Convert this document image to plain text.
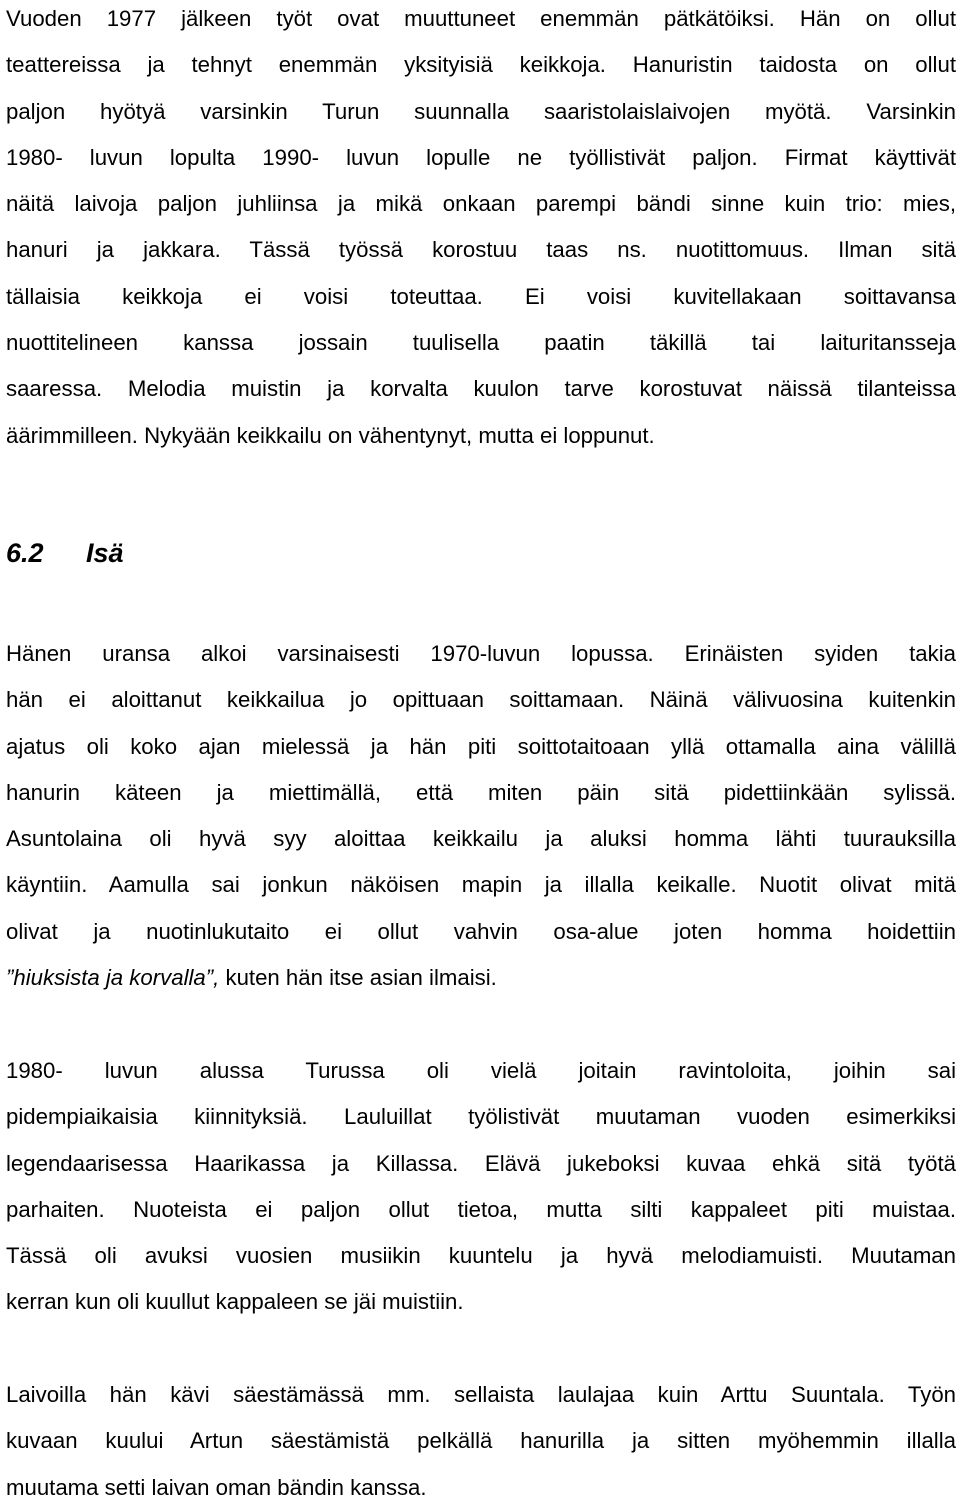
Vuoden 1977 jälkeen työt ovat muuttuneet enemmän pätkätöiksi. Hän on ollut
teattereissa ja tehnyt enemmän yksityisiä keikkoja. Hanuristin taidosta on ollut
paljon hyötyä varsinkin Turun suunnalla saaristolaislaivojen myötä. Varsinkin
1980- luvun lopulta 1990- luvun lopulle ne työllistivät paljon. Firmat käyttivät
näitä laivoja paljon juhliinsa ja mikä onkaan parempi bändi sinne kuin trio: mies,
hanuri ja jakkara. Tässä työssä korostuu taas ns. nuotittomuus. Ilman sitä
tällaisia keikkoja ei voisi toteuttaa. Ei voisi kuvitellakaan soittavansa
nuottitelineen kanssa jossain tuulisella paatin täkillä tai laituritansseja
saaressa. Melodia muistin ja korvalta kuulon tarve korostuvat näissä tilanteissa
äärimmilleen. Nykyään keikkailu on vähentynyt, mutta ei loppunut.

6.2 Isä

Hänen uransa alkoi varsinaisesti 1970-luvun lopussa. Erinäisten syiden takia
hän ei aloittanut keikkailua jo opittuaan soittamaan. Näinä välivuosina kuitenkin
ajatus oli koko ajan mielessä ja hän piti soittotaitoaan yllä ottamalla aina välillä
hanurin käteen ja miettimällä, että miten päin sitä pidettiinkään sylissä.
Asuntolaina oli hyvä syy aloittaa keikkailu ja aluksi homma lähti tuurauksilla
käyntiin. Aamulla sai jonkun näköisen mapin ja illalla keikalle. Nuotit olivat mitä
olivat ja nuotinlukutaito ei ollut vahvin osa-alue joten homma hoidettiin
”hiuksista ja korvalla”, kuten hän itse asian ilmaisi.

1980- luvun alussa Turussa oli vielä joitain ravintoloita, joihin sai
pidempiaikaisia kiinnityksiä. Lauluillat työlistivät muutaman vuoden esimerkiksi
legendaarisessa Haarikassa ja Killassa. Elävä jukeboksi kuvaa ehkä sitä työtä
parhaiten. Nuoteista ei paljon ollut tietoa, mutta silti kappaleet piti muistaa.
Tässä oli avuksi vuosien musiikin kuuntelu ja hyvä melodiamuisti. Muutaman
kerran kun oli kuullut kappaleen se jäi muistiin.

Laivoilla hän kävi säestämässä mm. sellaista laulajaa kuin Arttu Suuntala. Työn
kuvaan kuului Artun säestämistä pelkällä hanurilla ja sitten myöhemmin illalla
muutama setti laivan oman bändin kanssa.
